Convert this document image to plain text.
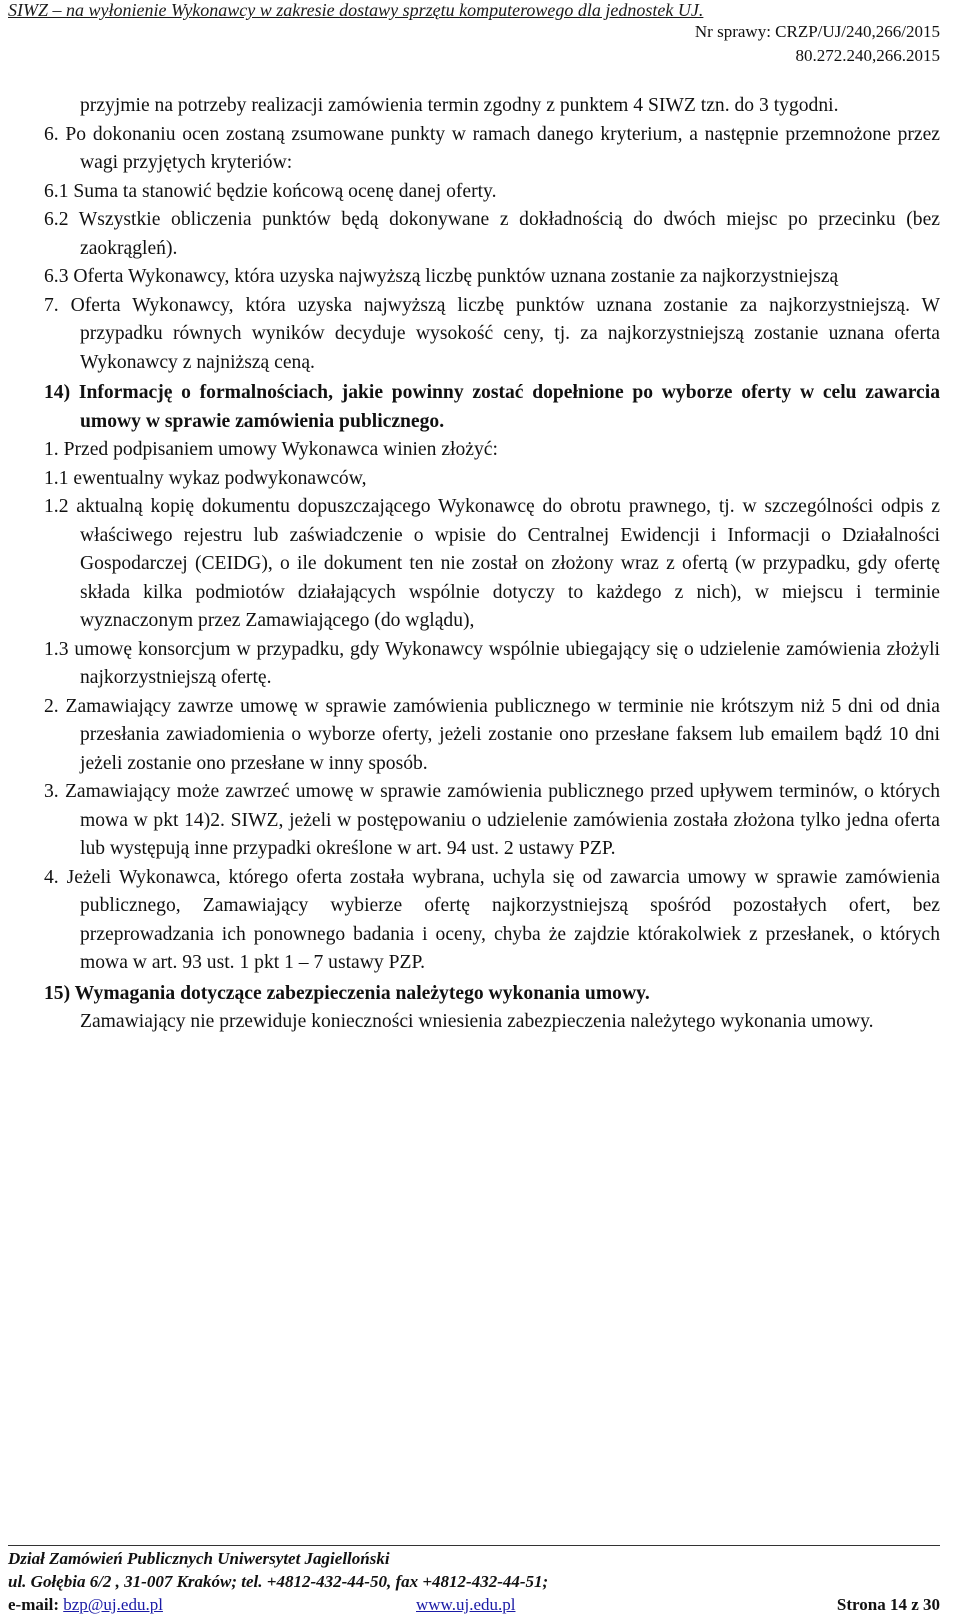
SIWZ – na wyłonienie Wykonawcy w zakresie dostawy sprzętu komputerowego dla jednostek UJ.
Nr sprawy: CRZP/UJ/240,266/2015
80.272.240,266.2015
przyjmie na potrzeby realizacji zamówienia termin zgodny z punktem 4 SIWZ tzn. do 3 tygodni.
6. Po dokonaniu ocen zostaną zsumowane punkty w ramach danego kryterium, a następnie przemnożone przez wagi przyjętych kryteriów:
6.1 Suma ta stanowić będzie końcową ocenę danej oferty.
6.2 Wszystkie obliczenia punktów będą dokonywane z dokładnością do dwóch miejsc po przecinku (bez zaokrągleń).
6.3 Oferta Wykonawcy, która uzyska najwyższą liczbę punktów uznana zostanie za najkorzystniejszą
7. Oferta Wykonawcy, która uzyska najwyższą liczbę punktów uznana zostanie za najkorzystniejszą. W przypadku równych wyników decyduje wysokość ceny, tj. za najkorzystniejszą zostanie uznana oferta Wykonawcy z najniższą ceną.
14) Informację o formalnościach, jakie powinny zostać dopełnione po wyborze oferty w celu zawarcia umowy w sprawie zamówienia publicznego.
1. Przed podpisaniem umowy Wykonawca winien złożyć:
1.1 ewentualny wykaz podwykonawców,
1.2 aktualną kopię dokumentu dopuszczającego Wykonawcę do obrotu prawnego, tj. w szczególności odpis z właściwego rejestru lub zaświadczenie o wpisie do Centralnej Ewidencji i Informacji o Działalności Gospodarczej (CEIDG), o ile dokument ten nie został on złożony wraz z ofertą (w przypadku, gdy ofertę składa kilka podmiotów działających wspólnie dotyczy to każdego z nich), w miejscu i terminie wyznaczonym przez Zamawiającego (do wglądu),
1.3 umowę konsorcjum w przypadku, gdy Wykonawcy wspólnie ubiegający się o udzielenie zamówienia złożyli najkorzystniejszą ofertę.
2. Zamawiający zawrze umowę w sprawie zamówienia publicznego w terminie nie krótszym niż 5 dni od dnia przesłania zawiadomienia o wyborze oferty, jeżeli zostanie ono przesłane faksem lub emailem bądź 10 dni jeżeli zostanie ono przesłane w inny sposób.
3. Zamawiający może zawrzeć umowę w sprawie zamówienia publicznego przed upływem terminów, o których mowa w pkt 14)2. SIWZ, jeżeli w postępowaniu o udzielenie zamówienia została złożona tylko jedna oferta lub występują inne przypadki określone w art. 94 ust. 2 ustawy PZP.
4. Jeżeli Wykonawca, którego oferta została wybrana, uchyla się od zawarcia umowy w sprawie zamówienia publicznego, Zamawiający wybierze ofertę najkorzystniejszą spośród pozostałych ofert, bez przeprowadzania ich ponownego badania i oceny, chyba że zajdzie którakolwiek z przesłanek, o których mowa w art. 93 ust. 1 pkt 1 – 7 ustawy PZP.
15) Wymagania dotyczące zabezpieczenia należytego wykonania umowy.
Zamawiający nie przewiduje konieczności wniesienia zabezpieczenia należytego wykonania umowy.
Dział Zamówień Publicznych Uniwersytet Jagielloński
ul. Gołębia 6/2 , 31-007 Kraków; tel. +4812-432-44-50, fax +4812-432-44-51;
e-mail: bzp@uj.edu.pl	www.uj.edu.pl	Strona 14 z 30
